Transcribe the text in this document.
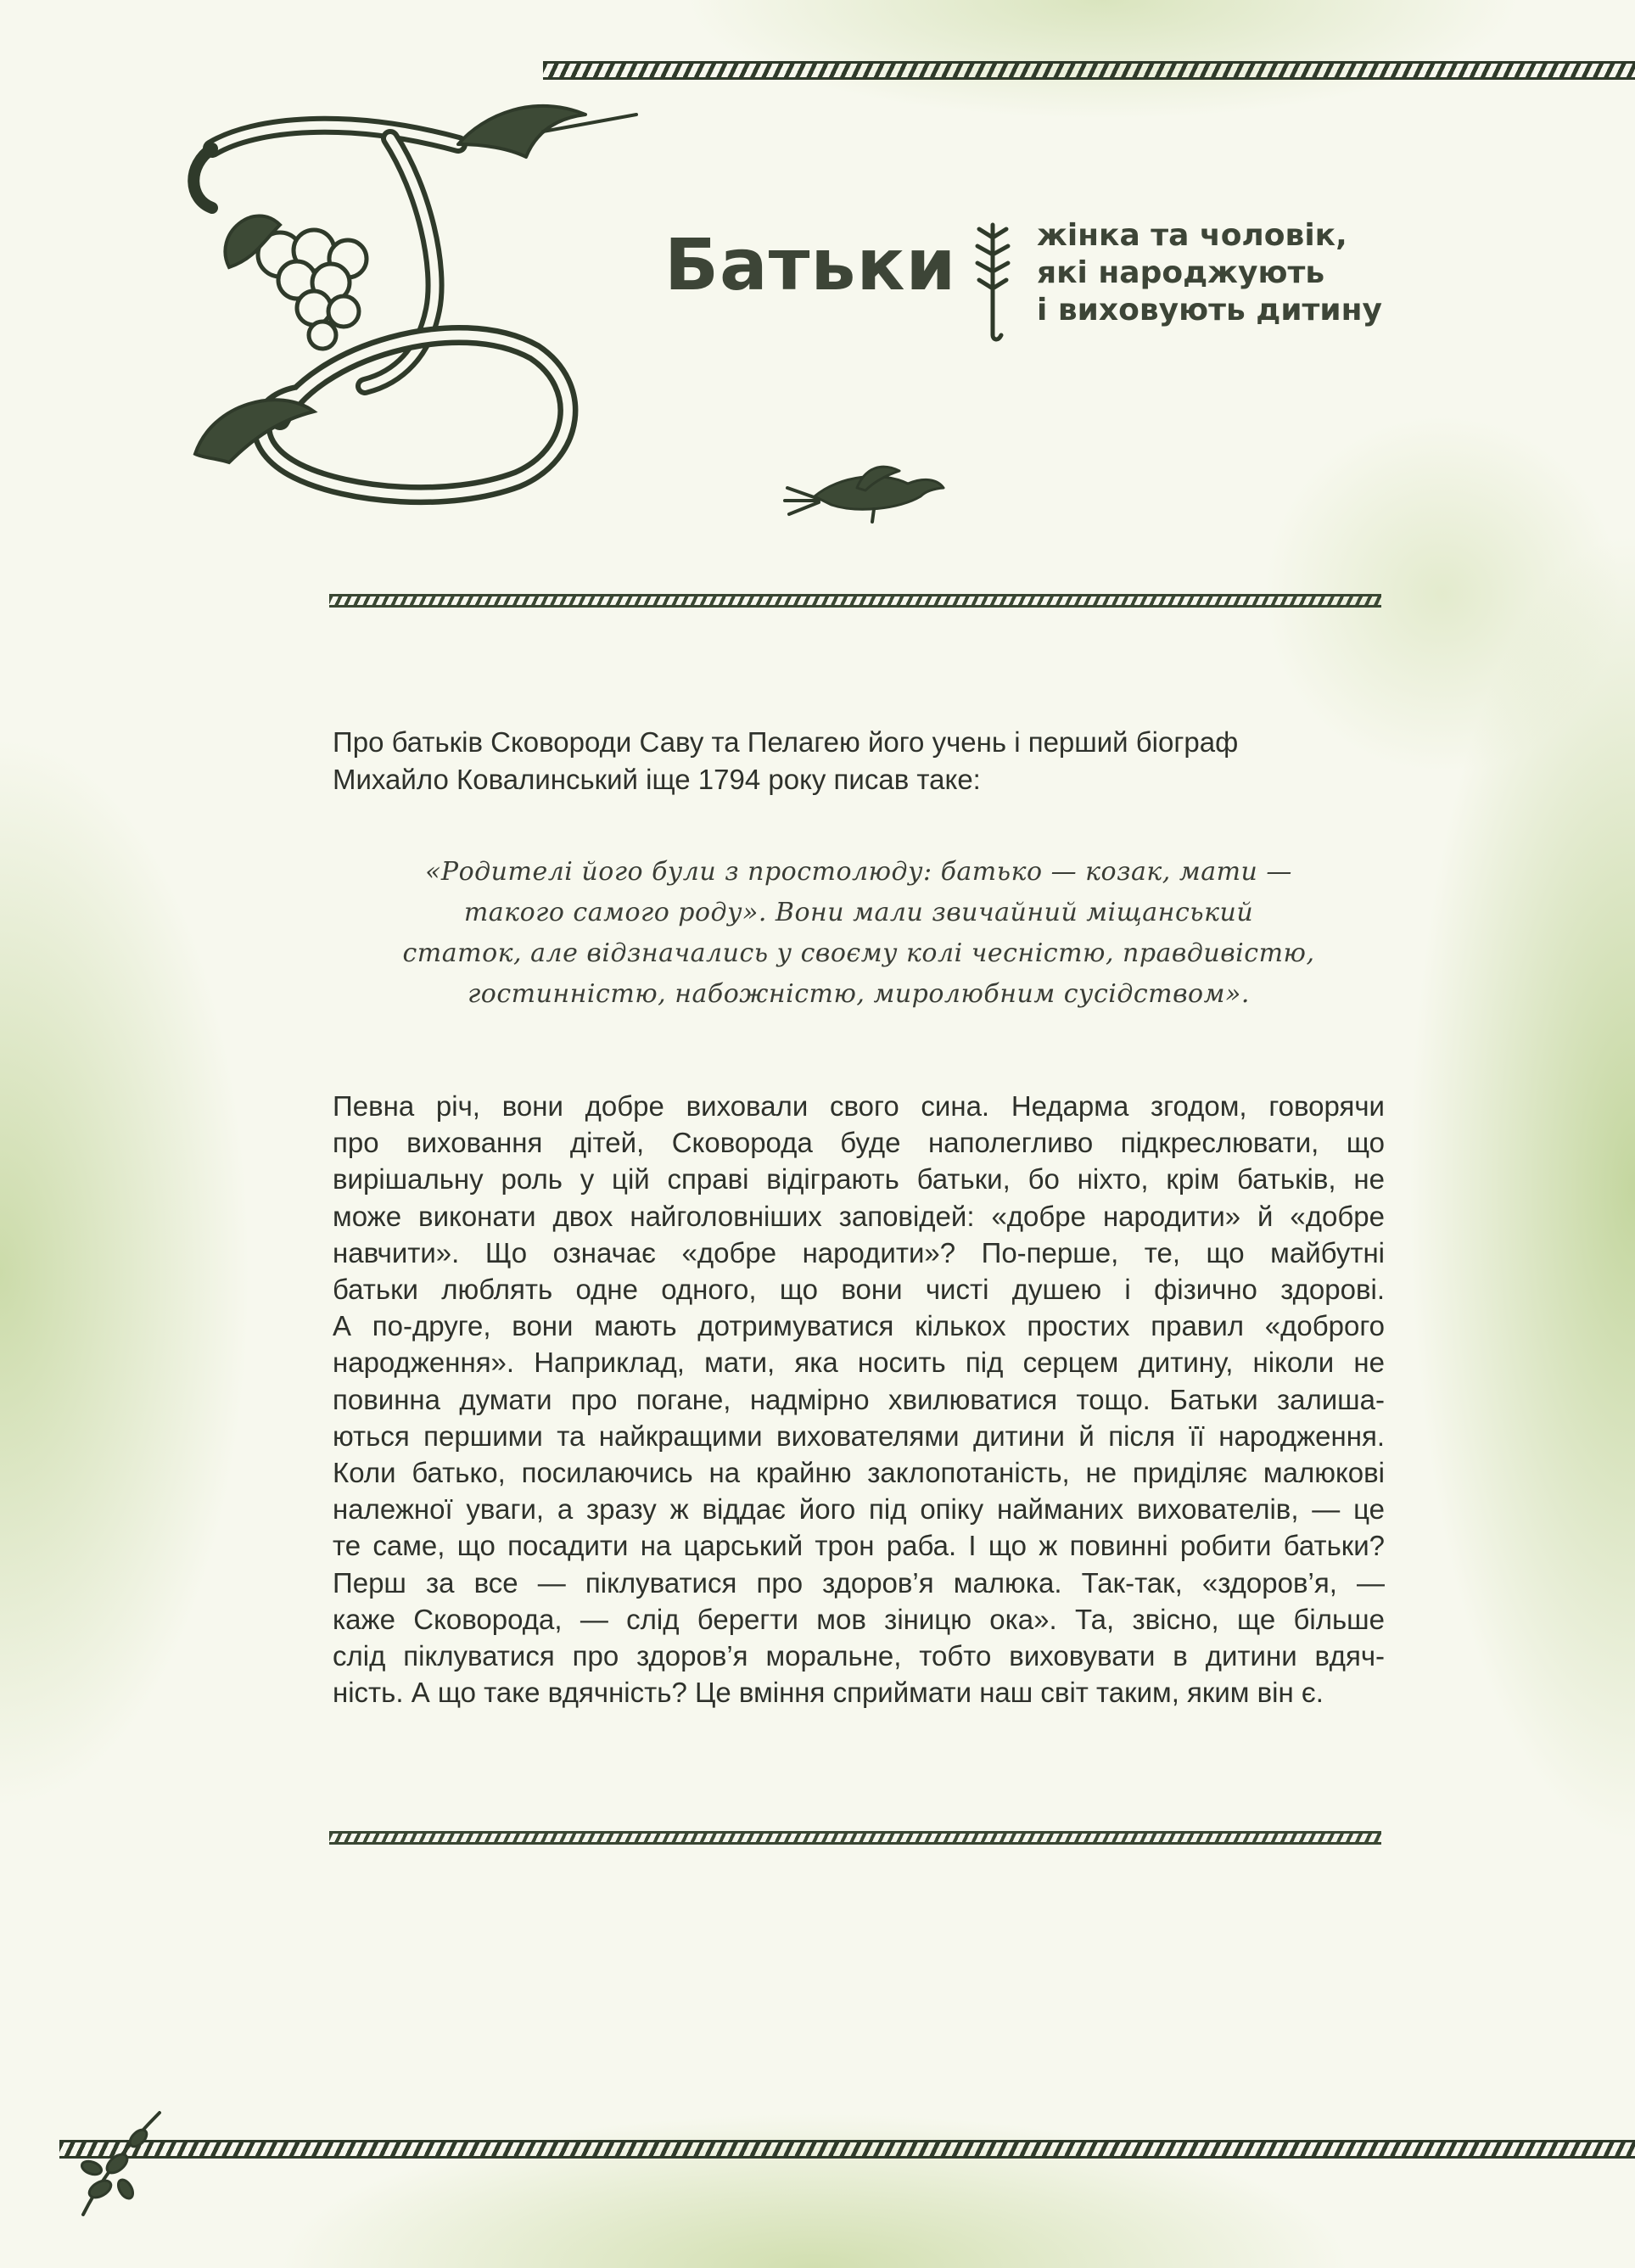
Батьки	жінка та чоловік,
які народжують
і виховують дитину
Про батьків Сковороди Саву та Пелагею його учень і перший біограф
Михайло Ковалинський іще 1794 року писав таке:
«Родителі його були з простолюду: батько — козак, мати —
такого самого роду». Вони мали звичайний міщанський
статок, але відзначались у своєму колі чесністю, правдивістю,
гостинністю, набожністю, миролюбним сусідством».
Певна річ, вони добре виховали свого сина. Недарма згодом, говорячи
про виховання дітей, Сковорода буде наполегливо підкреслювати, що
вирішальну роль у цій справі відіграють батьки, бо ніхто, крім батьків, не
може виконати двох найголовніших заповідей: «добре народити» й «добре
навчити». Що означає «добре народити»? По-перше, те, що майбутні
батьки люблять одне одного, що вони чисті душею і фізично здорові.
А по-друге, вони мають дотримуватися кількох простих правил «доброго
народження». Наприклад, мати, яка носить під серцем дитину, ніколи не
повинна думати про погане, надмірно хвилюватися тощо. Батьки залиша-
ються першими та найкращими вихователями дитини й після її народження.
Коли батько, посилаючись на крайню заклопотаність, не приділяє малюкові
належної уваги, а зразу ж віддає його під опіку найманих вихователів, — це
те саме, що посадити на царський трон раба. І що ж повинні робити батьки?
Перш за все — піклуватися про здоров’я малюка. Так-так, «здоров’я, —
каже Сковорода, — слід берегти мов зіницю ока». Та, звісно, ще більше
слід піклуватися про здоров’я моральне, тобто виховувати в дитини вдяч-
ність. А що таке вдячність? Це вміння сприймати наш світ таким, яким він є.
